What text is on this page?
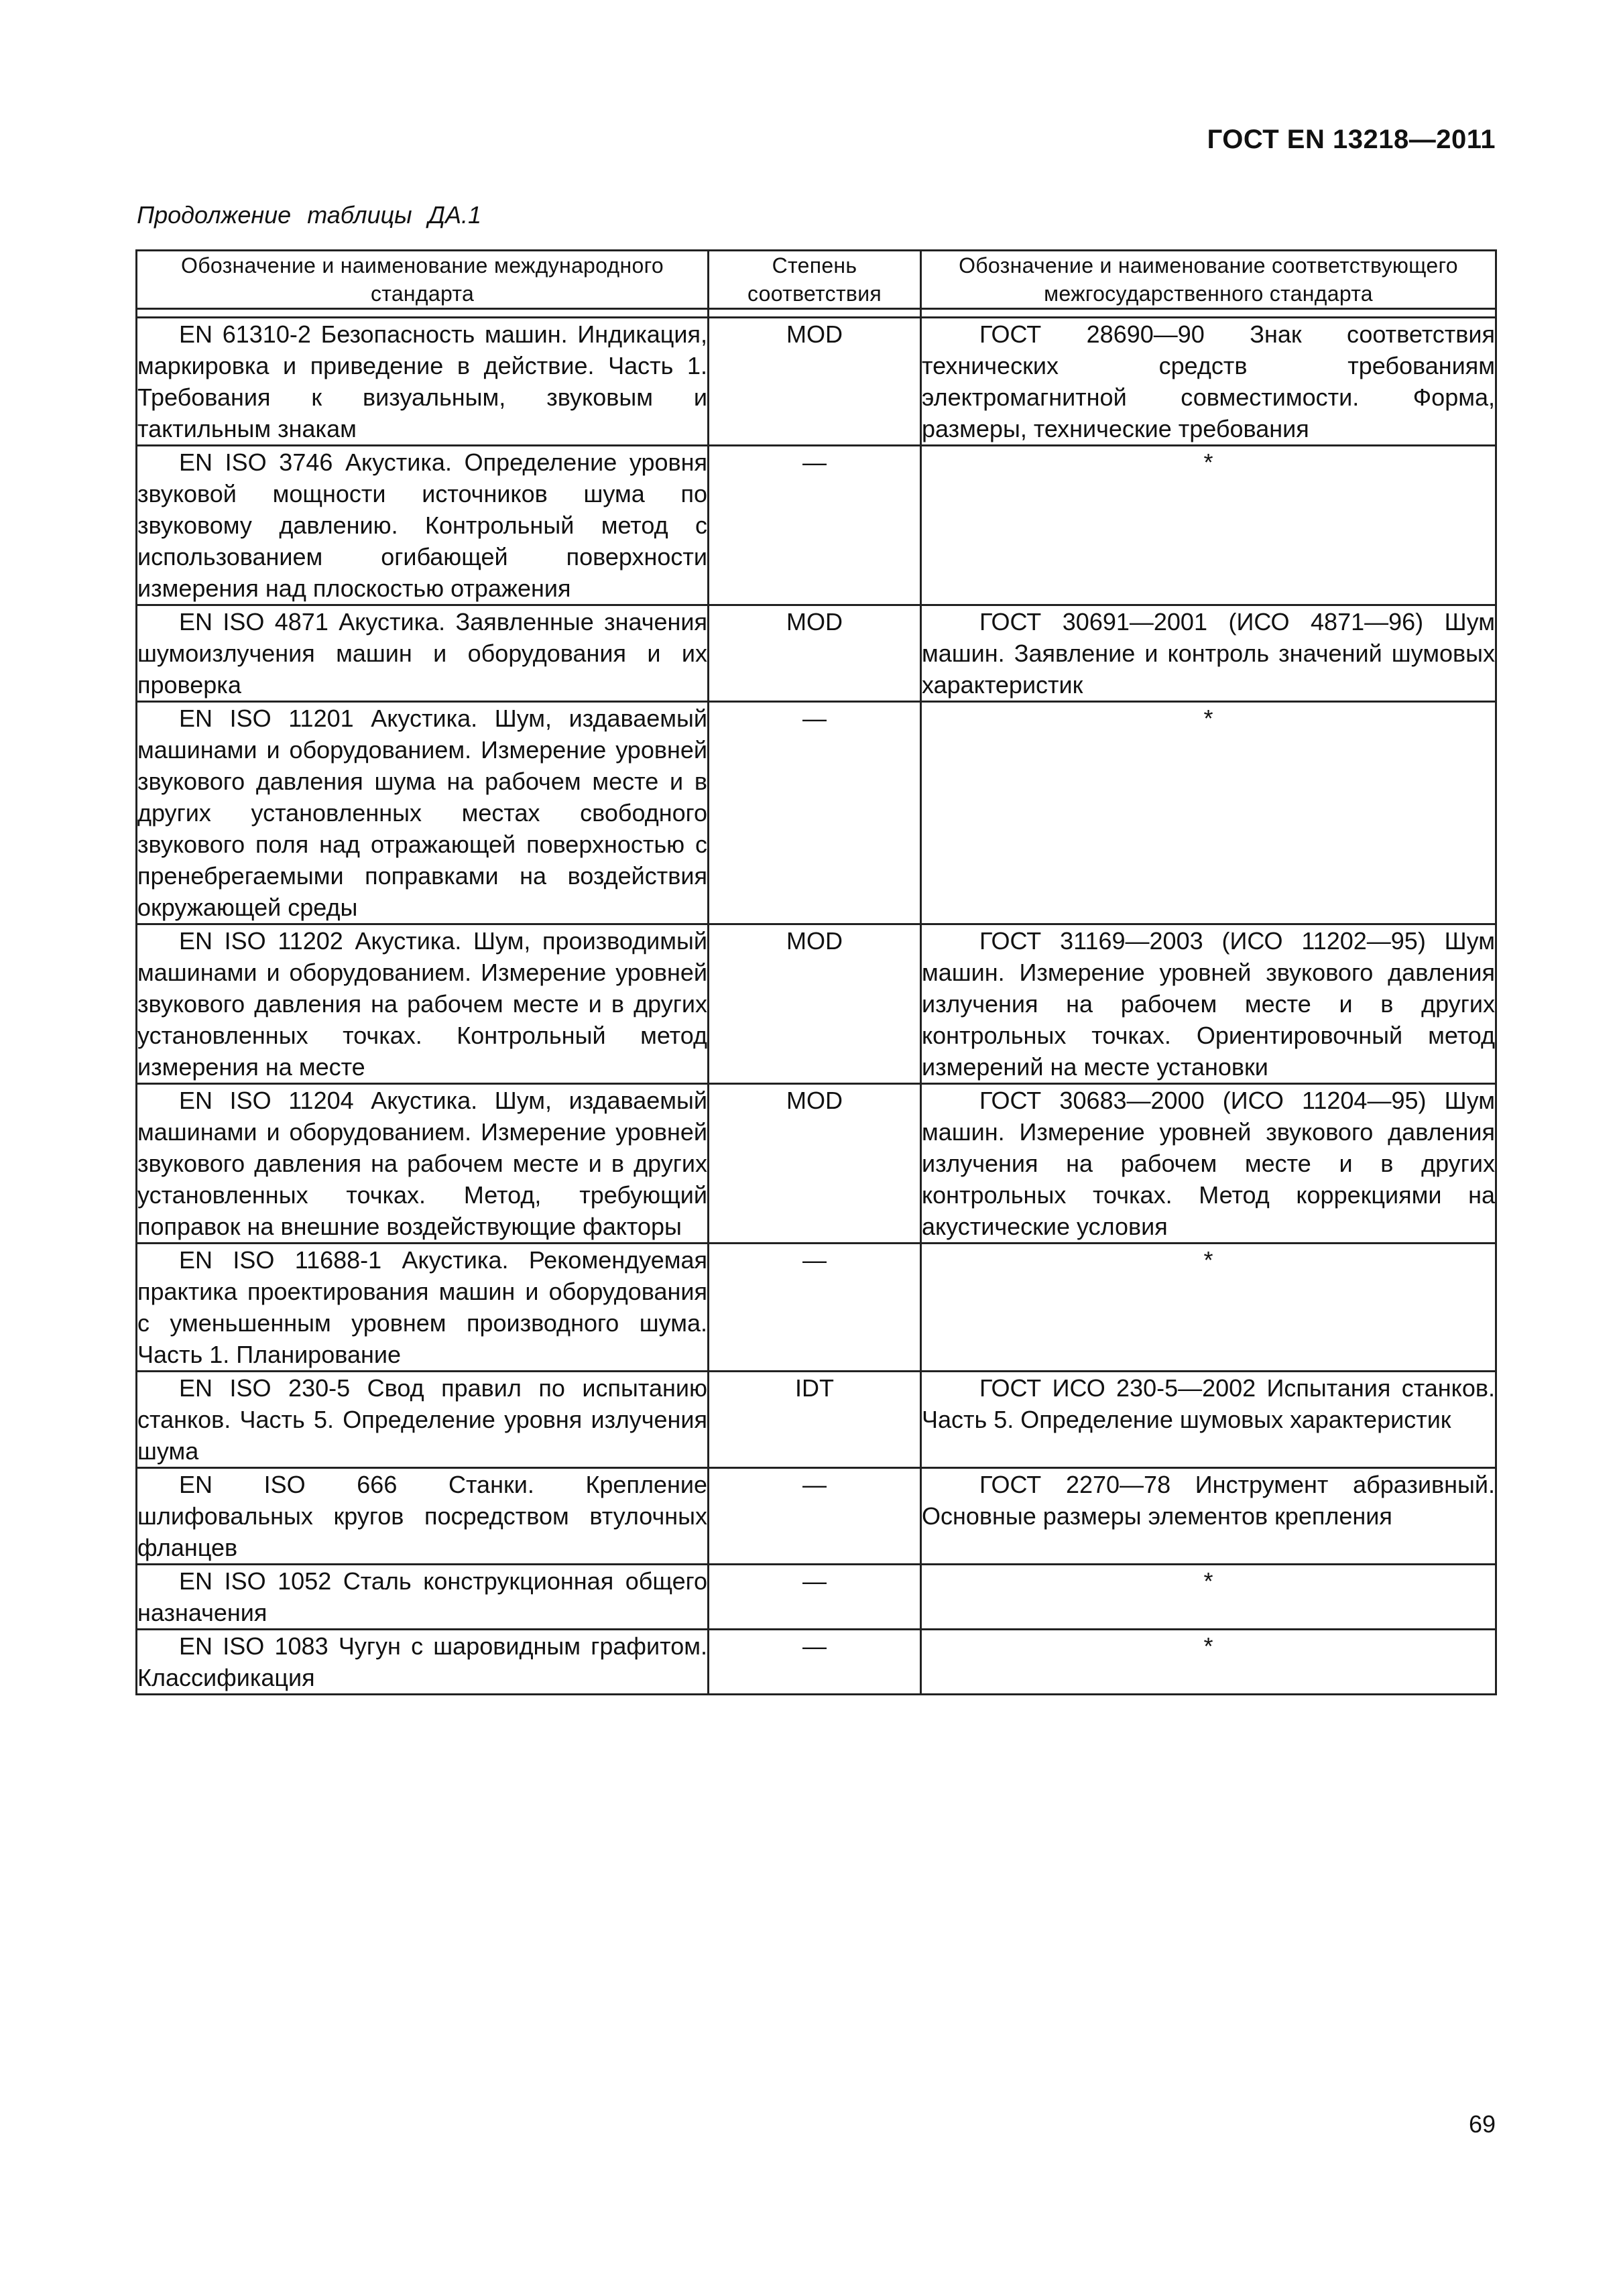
ГОСТ EN 13218—2011
Продолжение таблицы ДА.1
Обозначение и наименование международного стандарта	Степень соответствия	Обозначение и наименование соответствующего межгосударственного стандарта

EN 61310-2 Безопасность машин. Индикация, маркировка и приведение в действие. Часть 1. Требования к визуальным, звуковым и тактильным знакам	MOD	ГОСТ 28690—90 Знак соответствия технических средств требованиям электромагнитной совместимости. Форма, размеры, технические требования
EN ISO 3746 Акустика. Определение уровня звуковой мощности источников шума по звуковому давлению. Контрольный метод с использованием огибающей поверхности измерения над плоскостью отражения	—	*
EN ISO 4871 Акустика. Заявленные значения шумоизлучения машин и оборудования и их проверка	MOD	ГОСТ 30691—2001 (ИСО 4871—96) Шум машин. Заявление и контроль значений шумовых характеристик
EN ISO 11201 Акустика. Шум, издаваемый машинами и оборудованием. Измерение уровней звукового давления шума на рабочем месте и в других установленных местах свободного звукового поля над отражающей поверхностью с пренебрегаемыми поправками на воздействия окружающей среды	—	*
EN ISO 11202 Акустика. Шум, производимый машинами и оборудованием. Измерение уровней звукового давления на рабочем месте и в других установленных точках. Контрольный метод измерения на месте	MOD	ГОСТ 31169—2003 (ИСО 11202—95) Шум машин. Измерение уровней звукового давления излучения на рабочем месте и в других контрольных точках. Ориентировочный метод измерений на месте установки
EN ISO 11204 Акустика. Шум, издаваемый машинами и оборудованием. Измерение уровней звукового давления на рабочем месте и в других установленных точках. Метод, требующий поправок на внешние воздействующие факторы	MOD	ГОСТ 30683—2000 (ИСО 11204—95) Шум машин. Измерение уровней звукового давления излучения на рабочем месте и в других контрольных точках. Метод коррекциями на акустические условия
EN ISO 11688-1 Акустика. Рекомендуемая практика проектирования машин и оборудования с уменьшенным уровнем производного шума. Часть 1. Планирование	—	*
EN ISO 230-5 Свод правил по испытанию станков. Часть 5. Определение уровня излучения шума	IDT	ГОСТ ИСО 230-5—2002 Испытания станков. Часть 5. Определение шумовых характеристик
EN ISO 666 Станки. Крепление шлифовальных кругов посредством втулочных фланцев	—	ГОСТ 2270—78 Инструмент абразивный. Основные размеры элементов крепления
EN ISO 1052 Сталь конструкционная общего назначения	—	*
EN ISO 1083 Чугун с шаровидным графитом. Классификация	—	*
69
